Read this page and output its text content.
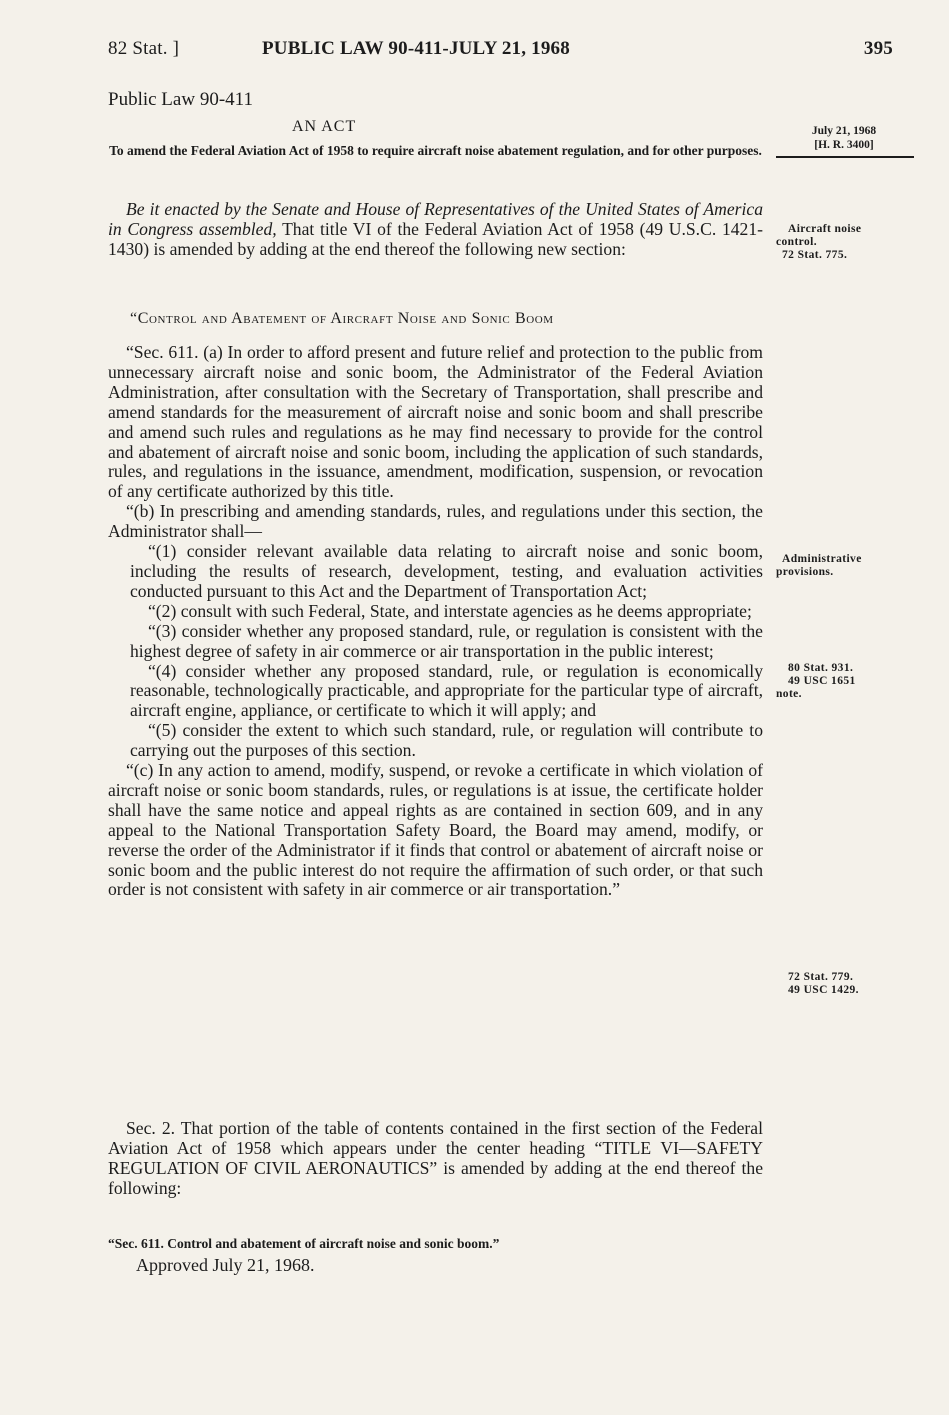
82 Stat. ]	PUBLIC LAW 90-411-JULY 21, 1968	395
Public Law 90-411
AN ACT
To amend the Federal Aviation Act of 1958 to require aircraft noise abatement regulation, and for other purposes.
July 21, 1968
[H. R. 3400]

Be it enacted by the Senate and House of Representatives of the United States of America in Congress assembled, That title VI of the Federal Aviation Act of 1958 (49 U.S.C. 1421-1430) is amended by adding at the end thereof the following new section:

“Control and Abatement of Aircraft Noise and Sonic Boom

“Sec. 611. (a) In order to afford present and future relief and protection to the public from unnecessary aircraft noise and sonic boom, the Administrator of the Federal Aviation Administration, after consultation with the Secretary of Transportation, shall prescribe and amend standards for the measurement of aircraft noise and sonic boom and shall prescribe and amend such rules and regulations as he may find necessary to provide for the control and abatement of aircraft noise and sonic boom, including the application of such standards, rules, and regulations in the issuance, amendment, modification, suspension, or revocation of any certificate authorized by this title.

“(b) In prescribing and amending standards, rules, and regulations under this section, the Administrator shall—

“(1) consider relevant available data relating to aircraft noise and sonic boom, including the results of research, development, testing, and evaluation activities conducted pursuant to this Act and the Department of Transportation Act;

“(2) consult with such Federal, State, and interstate agencies as he deems appropriate;

“(3) consider whether any proposed standard, rule, or regulation is consistent with the highest degree of safety in air commerce or air transportation in the public interest;

“(4) consider whether any proposed standard, rule, or regulation is economically reasonable, technologically practicable, and appropriate for the particular type of aircraft, aircraft engine, appliance, or certificate to which it will apply; and

“(5) consider the extent to which such standard, rule, or regulation will contribute to carrying out the purposes of this section.

“(c) In any action to amend, modify, suspend, or revoke a certificate in which violation of aircraft noise or sonic boom standards, rules, or regulations is at issue, the certificate holder shall have the same notice and appeal rights as are contained in section 609, and in any appeal to the National Transportation Safety Board, the Board may amend, modify, or reverse the order of the Administrator if it finds that control or abatement of aircraft noise or sonic boom and the public interest do not require the affirmation of such order, or that such order is not consistent with safety in air commerce or air transportation.”

Sec. 2. That portion of the table of contents contained in the first section of the Federal Aviation Act of 1958 which appears under the center heading “TITLE VI—SAFETY REGULATION OF CIVIL AERONAUTICS” is amended by adding at the end thereof the following:

“Sec. 611. Control and abatement of aircraft noise and sonic boom.”
Approved July 21, 1968.
Aircraft noise
control.
72 Stat. 775.
Administrative
provisions.
80 Stat. 931.
49 USC 1651
note.
72 Stat. 779.
49 USC 1429.
